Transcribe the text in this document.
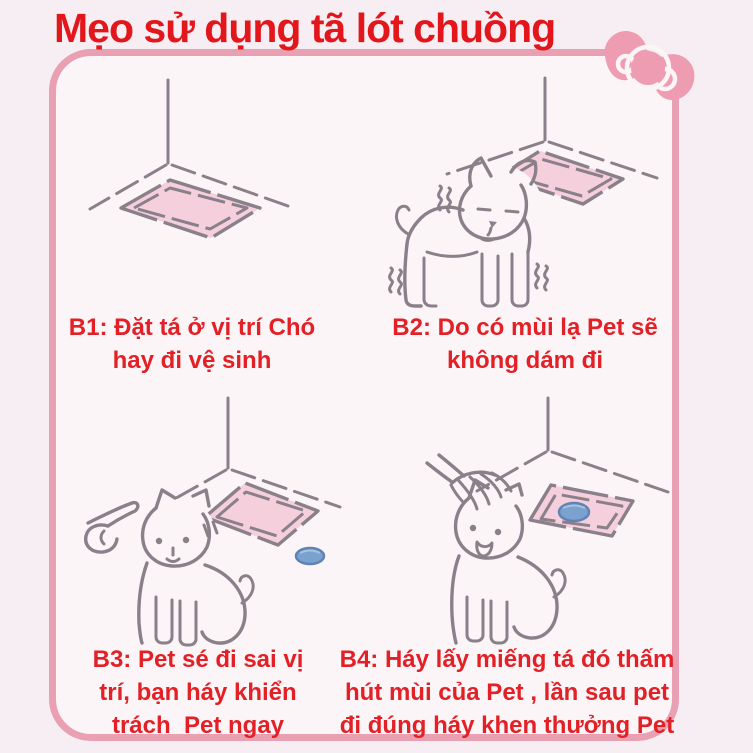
Mẹo sử dụng tã lót chuồng
B1: Đặt tá ở vị trí Chó
hay đi vệ sinh
B2: Do có mùi lạ Pet sẽ
không dám đi
B3: Pet sé đi sai vị
trí, bạn háy khiển
trách  Pet ngay
B4: Háy lấy miếng tá đó thấm
hút mùi của Pet , lần sau pet
đi đúng háy khen thưởng Pet
